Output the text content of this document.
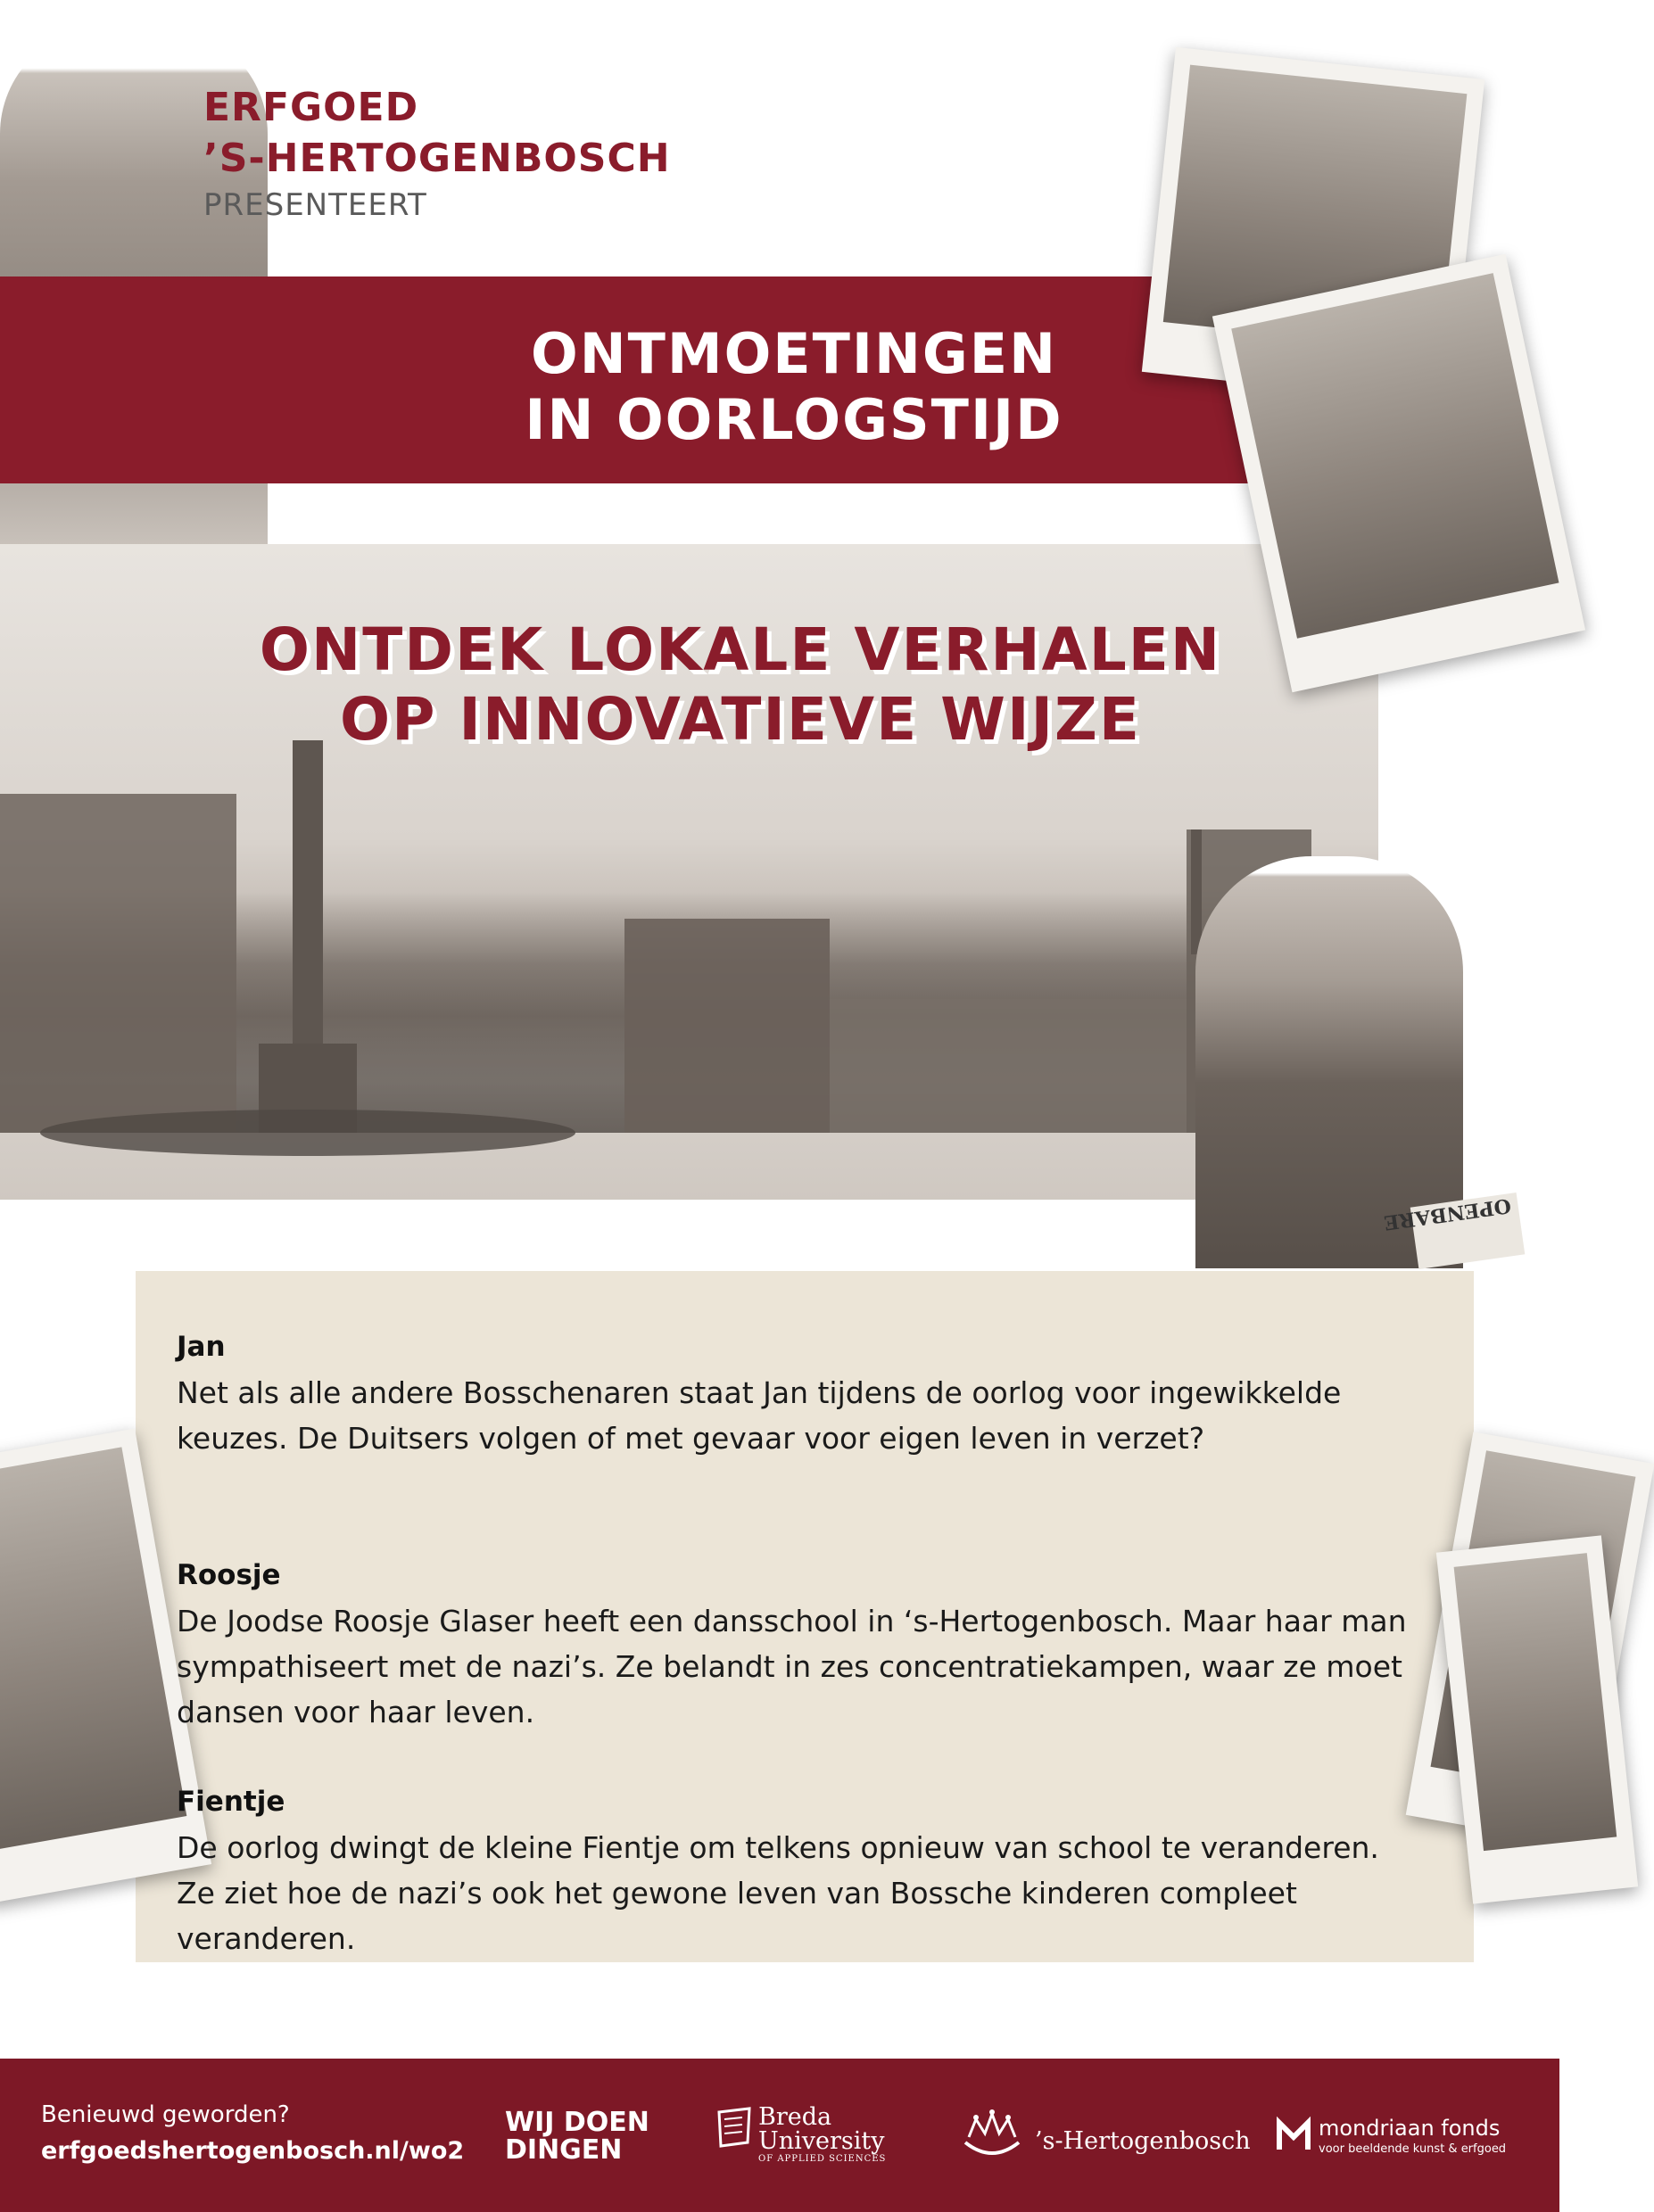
ERFGOED
’S-HERTOGENBOSCH
PRESENTEERT
ONTMOETINGEN
IN OORLOGSTIJD
ONTDEK LOKALE VERHALEN
OP INNOVATIEVE WIJZE
OPENBARE
Jan
Net als alle andere Bosschenaren staat Jan tijdens de oorlog voor ingewikkelde keuzes. De Duitsers volgen of met gevaar voor eigen leven in verzet?
Roosje
De Joodse Roosje Glaser heeft een dansschool in ‘s-Hertogenbosch. Maar haar man sympathiseert met de nazi’s. Ze belandt in zes concentratiekampen, waar ze moet dansen voor haar leven.
Fientje
De oorlog dwingt de kleine Fientje om telkens opnieuw van school te veranderen. Ze ziet hoe de nazi’s ook het gewone leven van Bossche kinderen compleet veranderen.
Benieuwd geworden?
erfgoedshertogenbosch.nl/wo2
WIJ DOEN
DINGEN
Breda
University
OF APPLIED SCIENCES
’s-Hertogenbosch	mondriaan fonds
voor beeldende kunst & erfgoed
